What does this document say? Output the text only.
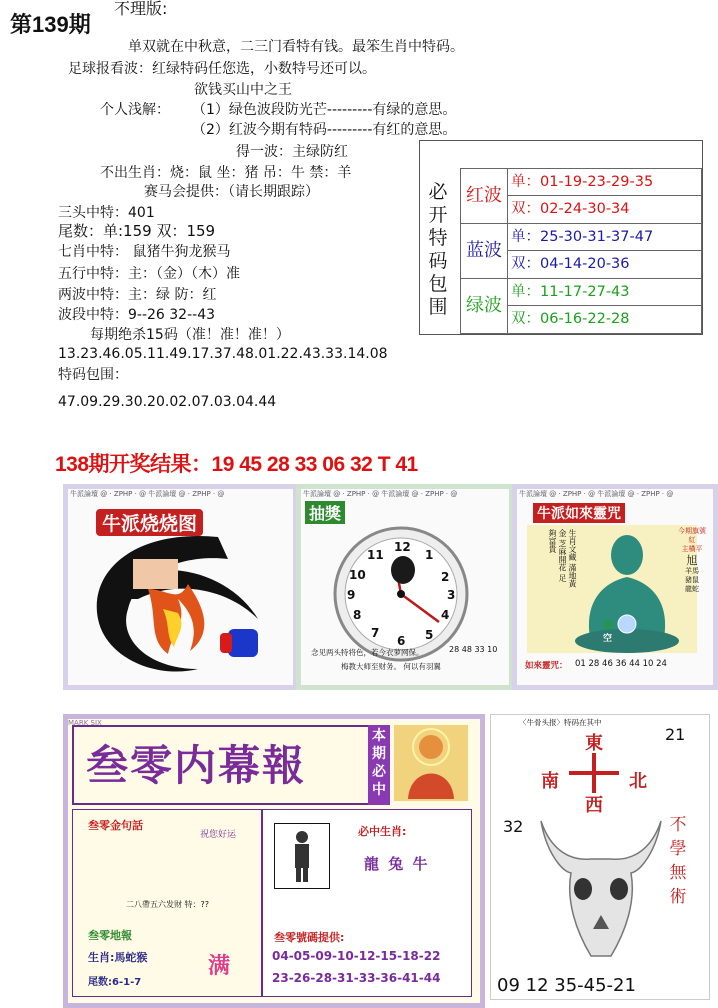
第139期
不理版:
单双就在中秋意，二三门看特有钱。最笨生肖中特码。
足球报看波：红绿特码任您选，小数特号还可以。
欲钱买山中之王
个人浅解： （1）绿色波段防光芒---------有绿的意思。
（2）红波今期有特码---------有红的意思。
得一波：主绿防红
不出生肖：烧：鼠 坐：猪 吊：牛 禁：羊
赛马会提供：（请长期跟踪）
三头中特：401
尾数：单:159 双：159
七肖中特： 鼠猪牛狗龙猴马
五行中特：主：（金）（木）准
两波中特：主：绿 防：红
波段中特：9--26 32--43
每期绝杀15码（准！准！准！）
13.23.46.05.11.49.17.37.48.01.22.43.33.14.08
特码包围：
47.09.29.30.20.02.07.03.04.44
必开特码包围
红波
单：01-19-23-29-35
双：02-24-30-34
蓝波
单：25-30-31-37-47
双：04-14-20-36
绿波
单：11-17-27-43
双：06-16-22-28
138期开奖结果：19 45 28 33 06 32 T 41
牛派論壇 @ · ZPHP · @ 牛派論壇 @ · ZPHP · @
牛派烧烧图
牛派論壇 @ · ZPHP · @ 牛派論壇 @ · ZPHP · @
抽獎
12
1
2
3
4
5
6
7
8
9
10
11
念见两头特将色，若今衣萝网保。	28 48 33 10
梅教大师至财务。 何以有羽翼
牛派論壇 @ · ZPHP · @ 牛派論壇 @ · ZPHP · @
牛派如來靈咒
生肖文藏 滿地黃金 芝麻開花 足夠富貴	今期旗號
紅
主橫平
旭
羊馬
豬鼠
龍蛇
中
空
如來靈咒： 01 28 46 36 44 10 24
MARK SIX
叁零内幕報
本期必中
叁零金句話
祝您好运
二八帶五六发财 特：??
叁零地報
生肖:馬蛇猴
尾数:6-1-7
满
必中生肖:
龍 兔 牛
叁零號碼提供:
04-05-09-10-12-15-18-22
23-26-28-31-33-36-41-44
〈牛骨头报〉特码在其中
東
南	北
西
21
32	不學無術
09 12 35-45-21
